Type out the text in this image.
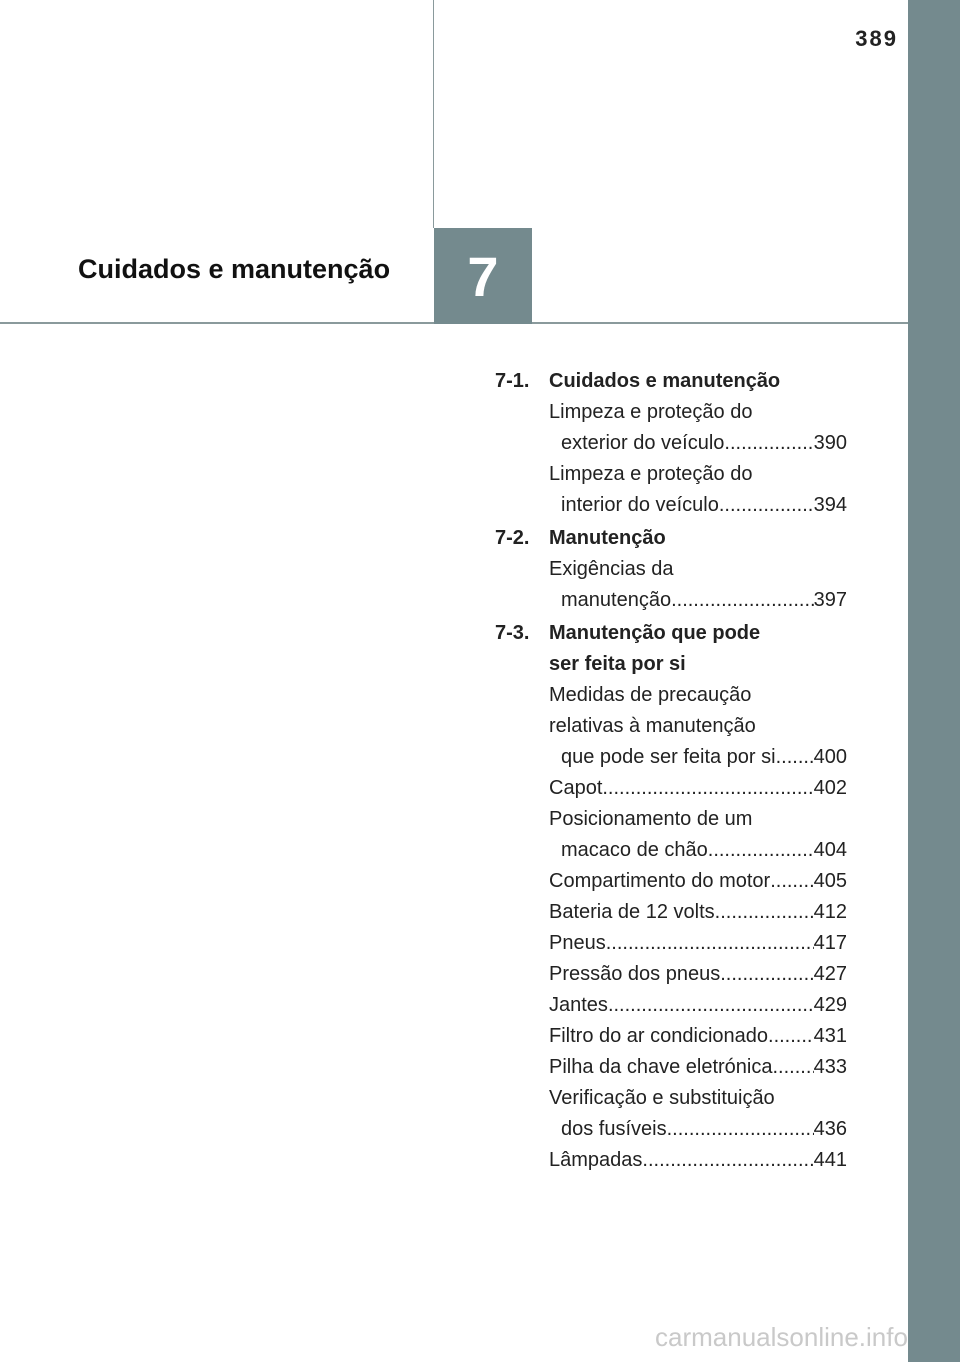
389
Cuidados e manutenção	7
7-1. Cuidados e manutenção
Limpeza e proteção do
exterior do veículo .....	390
Limpeza e proteção do
interior do veículo .....	394
7-2. Manutenção
Exigências da
manutenção .....	397
7-3. Manutenção que pode
ser feita por si
Medidas de precaução
relativas à manutenção
que pode ser feita por si ..... 400
Capot .....	402
Posicionamento de um
macaco de chão .....	404
Compartimento do motor ..... 405
Bateria de 12 volts .....	412
Pneus .....	417
Pressão dos pneus .....	427
Jantes .....	429
Filtro do ar condicionado ..... 431
Pilha da chave eletrónica ..... 433
Verificação e substituição
dos fusíveis .....	436
Lâmpadas .....	441
carmanualsonline.info
